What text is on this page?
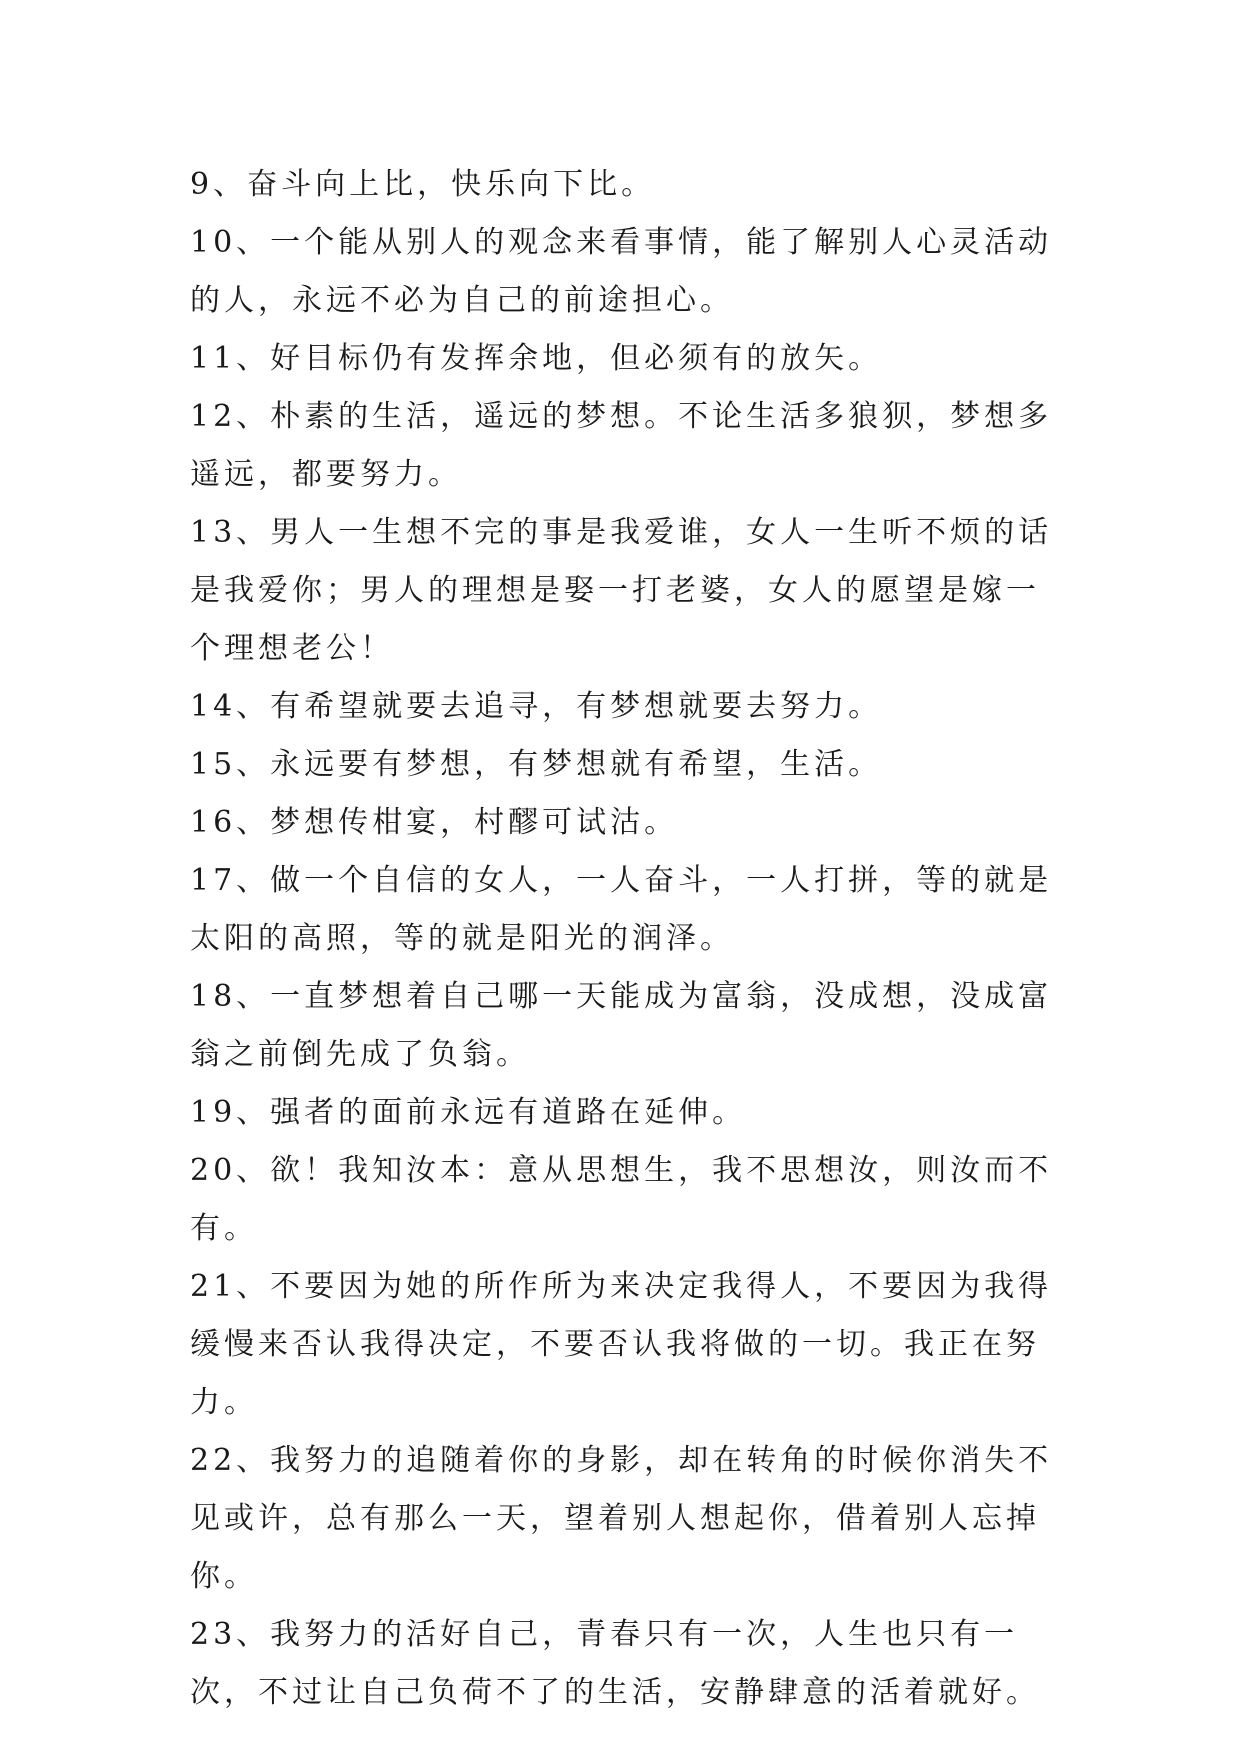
9、奋斗向上比，快乐向下比。

10、一个能从别人的观念来看事情，能了解别人心灵活动的人，永远不必为自己的前途担心。

11、好目标仍有发挥余地，但必须有的放矢。

12、朴素的生活，遥远的梦想。不论生活多狼狈，梦想多遥远，都要努力。

13、男人一生想不完的事是我爱谁，女人一生听不烦的话是我爱你；男人的理想是娶一打老婆，女人的愿望是嫁一个理想老公！

14、有希望就要去追寻，有梦想就要去努力。

15、永远要有梦想，有梦想就有希望，生活。

16、梦想传柑宴，村醪可试沽。

17、做一个自信的女人，一人奋斗，一人打拼，等的就是太阳的高照，等的就是阳光的润泽。

18、一直梦想着自己哪一天能成为富翁，没成想，没成富翁之前倒先成了负翁。

19、强者的面前永远有道路在延伸。

20、欲！我知汝本：意从思想生，我不思想汝，则汝而不有。

21、不要因为她的所作所为来决定我得人，不要因为我得缓慢来否认我得决定，不要否认我将做的一切。我正在努力。

22、我努力的追随着你的身影，却在转角的时候你消失不见或许，总有那么一天，望着别人想起你，借着别人忘掉你。

23、我努力的活好自己，青春只有一次，人生也只有一次，不过让自己负荷不了的生活，安静肆意的活着就好。
